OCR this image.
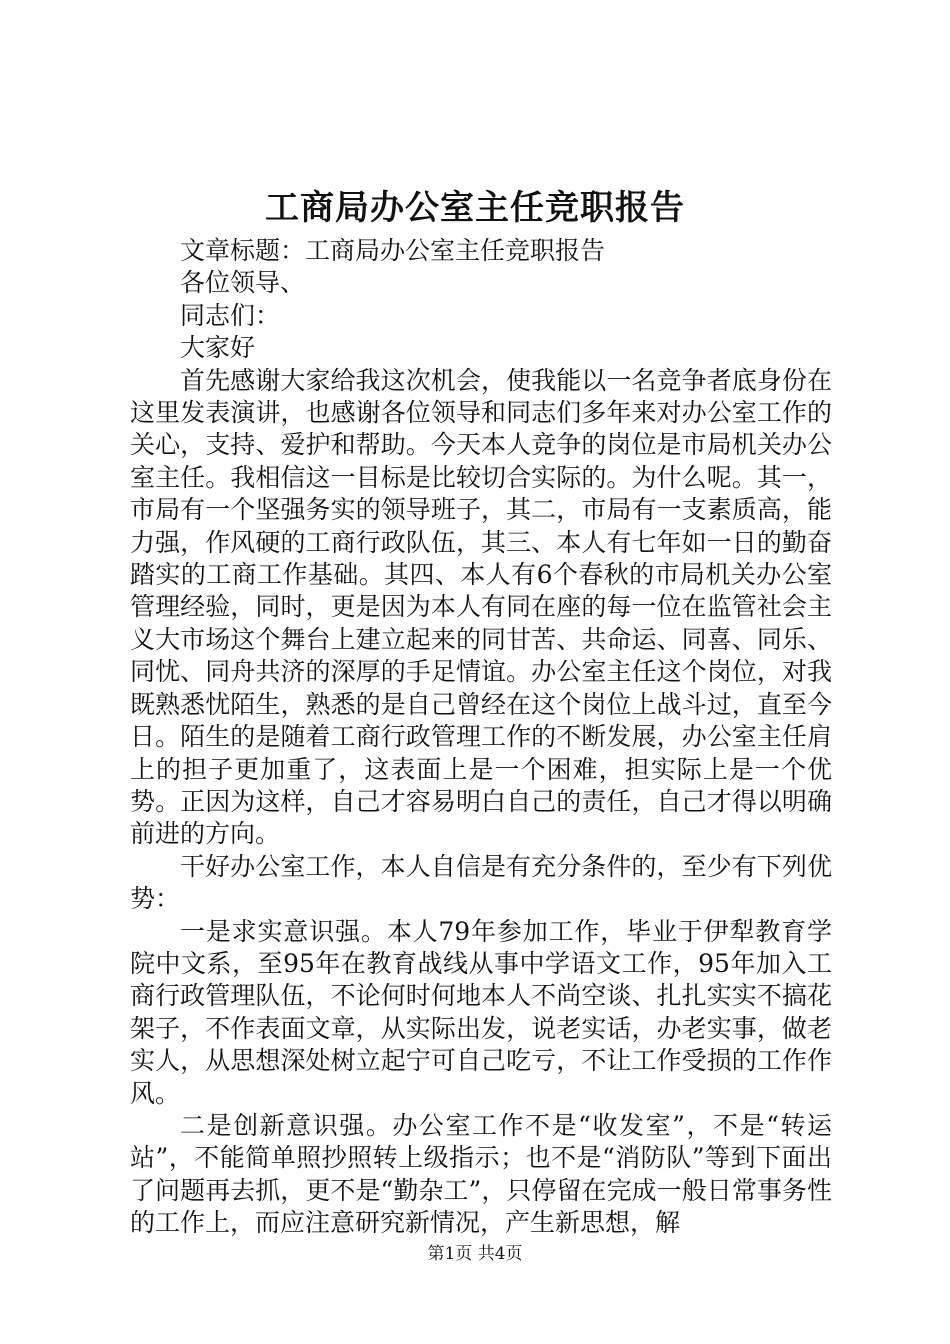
工商局办公室主任竞职报告

文章标题：工商局办公室主任竞职报告

各位领导、

同志们：

大家好

首先感谢大家给我这次机会，使我能以一名竞争者底身份在这里发表演讲，也感谢各位领导和同志们多年来对办公室工作的关心，支持、爱护和帮助。今天本人竞争的岗位是市局机关办公室主任。我相信这一目标是比较切合实际的。为什么呢。其一，市局有一个坚强务实的领导班子，其二，市局有一支素质高，能力强，作风硬的工商行政队伍，其三、本人有七年如一日的勤奋踏实的工商工作基础。其四、本人有6个春秋的市局机关办公室管理经验，同时，更是因为本人有同在座的每一位在监管社会主义大市场这个舞台上建立起来的同甘苦、共命运、同喜、同乐、同忧、同舟共济的深厚的手足情谊。办公室主任这个岗位，对我既熟悉忧陌生，熟悉的是自己曾经在这个岗位上战斗过，直至今日。陌生的是随着工商行政管理工作的不断发展，办公室主任肩上的担子更加重了，这表面上是一个困难，担实际上是一个优势。正因为这样，自己才容易明白自己的责任，自己才得以明确前进的方向。

干好办公室工作，本人自信是有充分条件的，至少有下列优势：

一是求实意识强。本人79年参加工作，毕业于伊犁教育学院中文系，至95年在教育战线从事中学语文工作，95年加入工商行政管理队伍，不论何时何地本人不尚空谈、扎扎实实不搞花架子，不作表面文章，从实际出发，说老实话，办老实事，做老实人，从思想深处树立起宁可自己吃亏，不让工作受损的工作作风。

二是创新意识强。办公室工作不是“收发室”，不是“转运站”，不能简单照抄照转上级指示；也不是“消防队”等到下面出了问题再去抓，更不是“勤杂工”，只停留在完成一般日常事务性的工作上，而应注意研究新情况，产生新思想，解

第1页 共4页
